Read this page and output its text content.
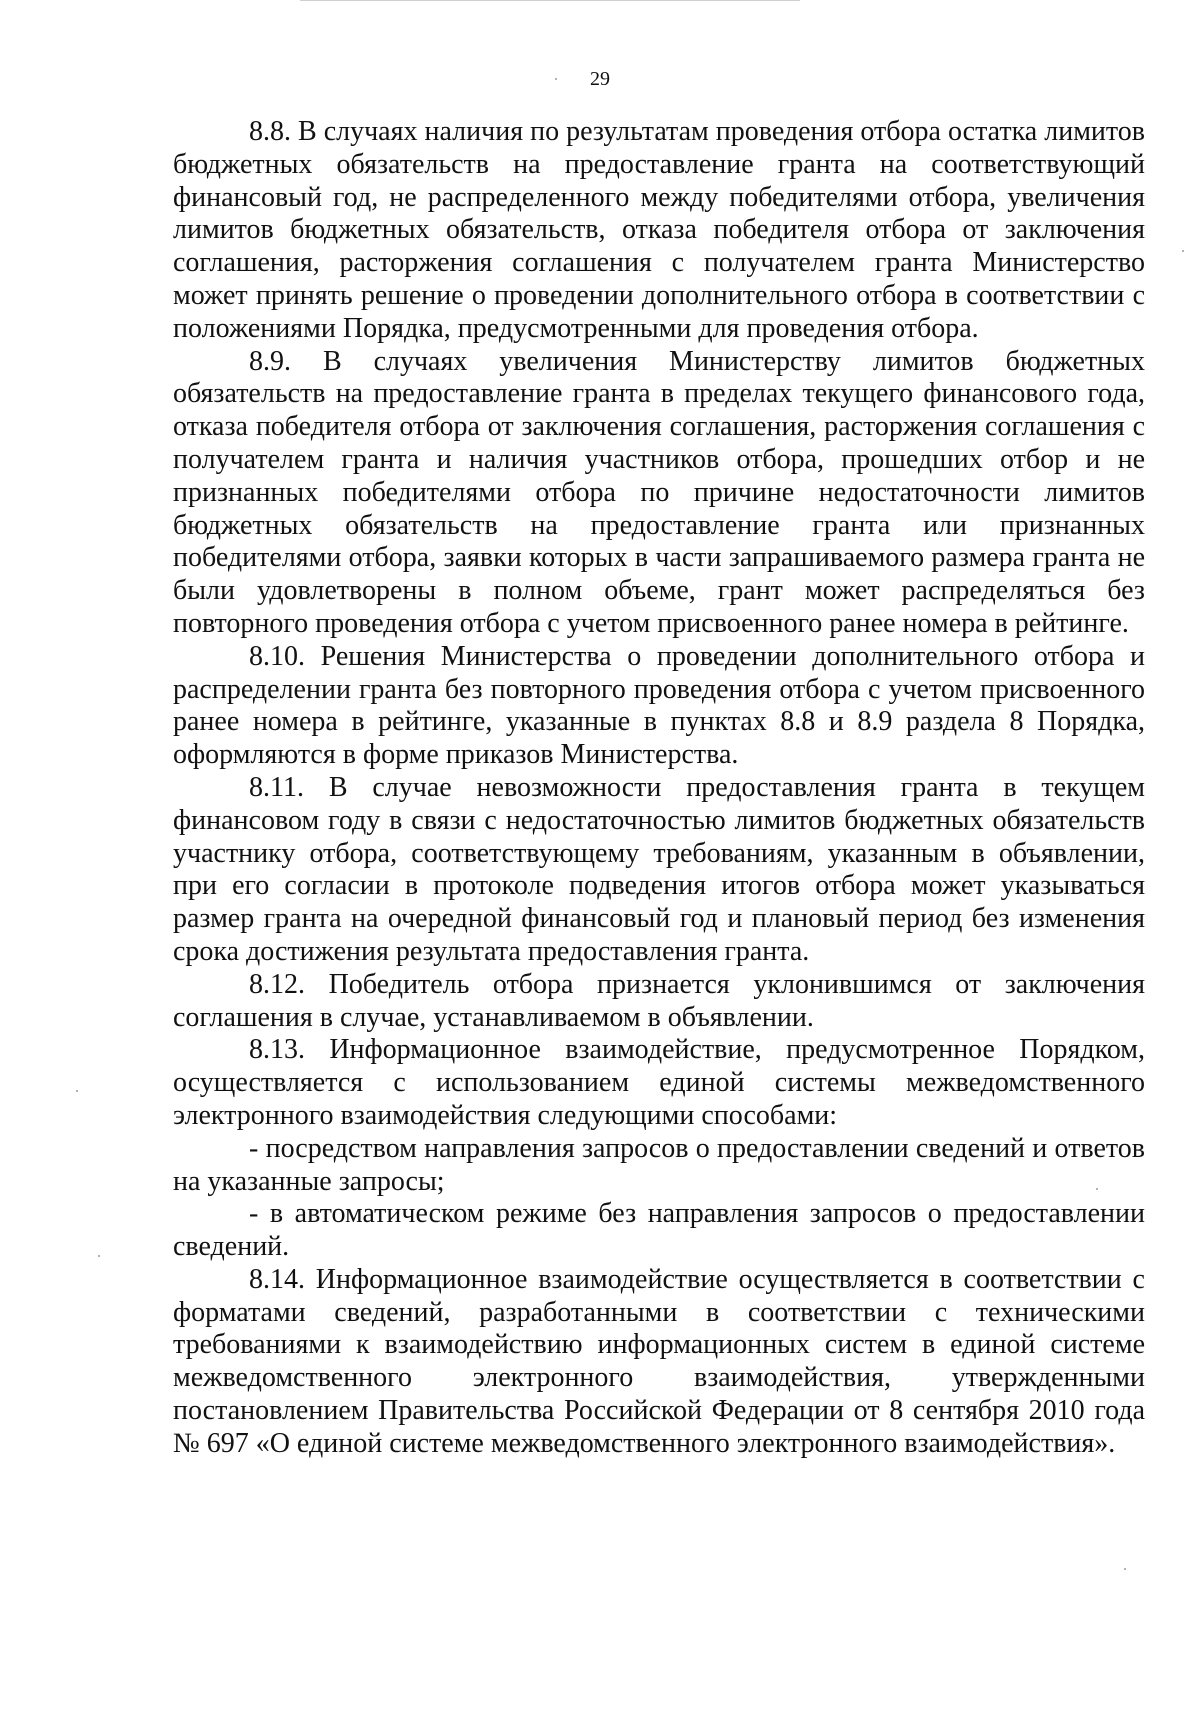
29

8.8. В случаях наличия по результатам проведения отбора остатка лимитов бюджетных обязательств на предоставление гранта на соответствующий финансовый год, не распределенного между победителями отбора, увеличения лимитов бюджетных обязательств, отказа победителя отбора от заключения соглашения, расторжения соглашения с получателем гранта Министерство может принять решение о проведении дополнительного отбора в соответствии с положениями Порядка, предусмотренными для проведения отбора.

8.9. В случаях увеличения Министерству лимитов бюджетных обязательств на предоставление гранта в пределах текущего финансового года, отказа победителя отбора от заключения соглашения, расторжения соглашения с получателем гранта и наличия участников отбора, прошедших отбор и не признанных победителями отбора по причине недостаточности лимитов бюджетных обязательств на предоставление гранта или признанных победителями отбора, заявки которых в части запрашиваемого размера гранта не были удовлетворены в полном объеме, грант может распределяться без повторного проведения отбора с учетом присвоенного ранее номера в рейтинге.

8.10. Решения Министерства о проведении дополнительного отбора и распределении гранта без повторного проведения отбора с учетом присвоенного ранее номера в рейтинге, указанные в пунктах 8.8 и 8.9 раздела 8 Порядка, оформляются в форме приказов Министерства.

8.11. В случае невозможности предоставления гранта в текущем финансовом году в связи с недостаточностью лимитов бюджетных обязательств участнику отбора, соответствующему требованиям, указанным в объявлении, при его согласии в протоколе подведения итогов отбора может указываться размер гранта на очередной финансовый год и плановый период без изменения срока достижения результата предоставления гранта.

8.12. Победитель отбора признается уклонившимся от заключения соглашения в случае, устанавливаемом в объявлении.

8.13. Информационное взаимодействие, предусмотренное Порядком, осуществляется с использованием единой системы межведомственного электронного взаимодействия следующими способами:

- посредством направления запросов о предоставлении сведений и ответов на указанные запросы;

- в автоматическом режиме без направления запросов о предоставлении сведений.

8.14. Информационное взаимодействие осуществляется в соответствии с форматами сведений, разработанными в соответствии с техническими требованиями к взаимодействию информационных систем в единой системе межведомственного электронного взаимодействия, утвержденными постановлением Правительства Российской Федерации от 8 сентября 2010 года № 697 «О единой системе межведомственного электронного взаимодействия».
